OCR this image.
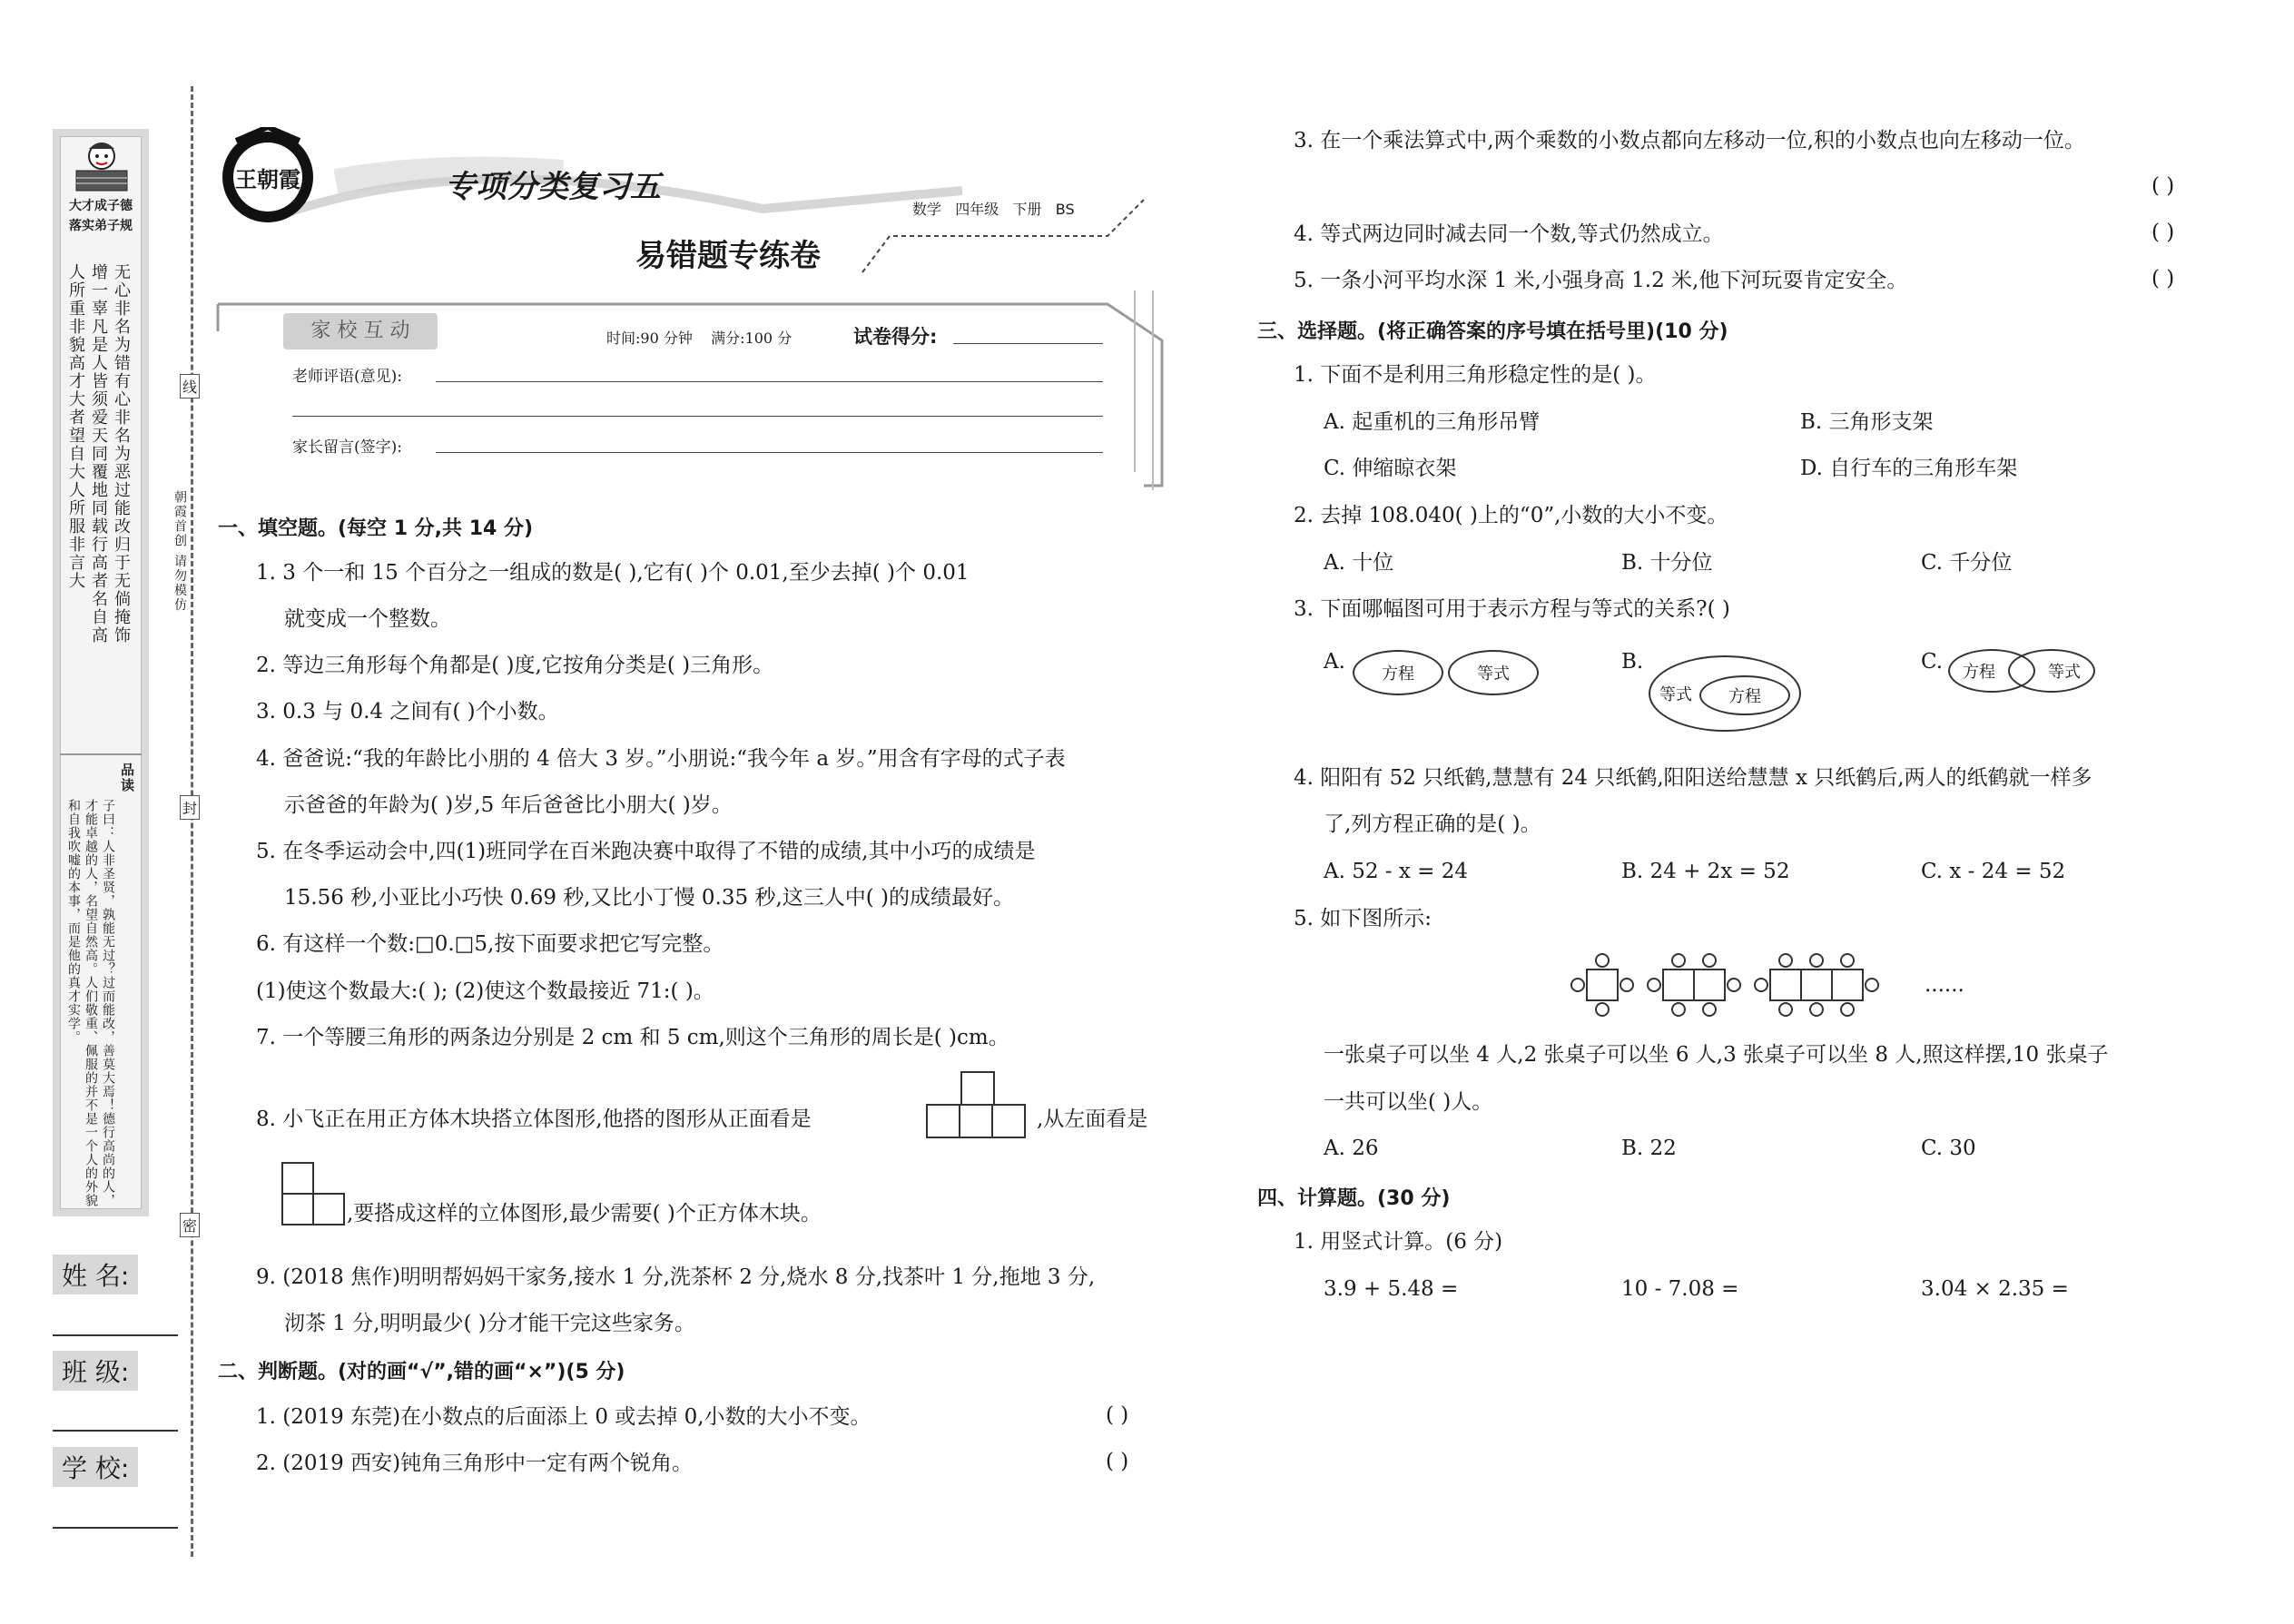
大才成子德
落实弟子规
无心非名为错有心非名为恶过能改归于无倘掩饰
增一辜凡是人皆须爱天同覆地同载行高者名自高
人所重非貌高才大者望自大人所服非言大
品读
子曰：人非圣贤，孰能无过？过而能改，善莫大焉！德行高尚的人，才能卓越的人，名望自然高。人们敬重、佩服的并不是一个人的外貌和自我吹嘘的本事，而是他的真才实学。
姓 名:
班 级:
学 校:
线
封
密
朝霞首创 请勿模仿
王朝霞	专项分类复习五
数学   四年级   下册   BS
易错题专练卷
家 校 互 动	时间:90 分钟    满分:100 分	试卷得分:
老师评语(意见):
家长留言(签字):
一、填空题。(每空 1 分,共 14 分)
1. 3 个一和 15 个百分之一组成的数是( ),它有( )个 0.01,至少去掉( )个 0.01
就变成一个整数。
2. 等边三角形每个角都是( )度,它按角分类是( )三角形。
3. 0.3 与 0.4 之间有( )个小数。
4. 爸爸说:“我的年龄比小朋的 4 倍大 3 岁。”小朋说:“我今年 a 岁。”用含有字母的式子表
示爸爸的年龄为( )岁,5 年后爸爸比小朋大( )岁。
5. 在冬季运动会中,四(1)班同学在百米跑决赛中取得了不错的成绩,其中小巧的成绩是
15.56 秒,小亚比小巧快 0.69 秒,又比小丁慢 0.35 秒,这三人中( )的成绩最好。
6. 有这样一个数:□0.□5,按下面要求把它写完整。
(1)使这个数最大:( ); (2)使这个数最接近 71:( )。
7. 一个等腰三角形的两条边分别是 2 cm 和 5 cm,则这个三角形的周长是( )cm。
8. 小飞正在用正方体木块搭立体图形,他搭的图形从正面看是	,从左面看是
,要搭成这样的立体图形,最少需要( )个正方体木块。
9. (2018 焦作)明明帮妈妈干家务,接水 1 分,洗茶杯 2 分,烧水 8 分,找茶叶 1 分,拖地 3 分,
沏茶 1 分,明明最少( )分才能干完这些家务。
二、判断题。(对的画“√”,错的画“×”)(5 分)
1. (2019 东莞)在小数点的后面添上 0 或去掉 0,小数的大小不变。	( )
2. (2019 西安)钝角三角形中一定有两个锐角。	( )
3. 在一个乘法算式中,两个乘数的小数点都向左移动一位,积的小数点也向左移动一位。
( )
4. 等式两边同时减去同一个数,等式仍然成立。	( )
5. 一条小河平均水深 1 米,小强身高 1.2 米,他下河玩耍肯定安全。	( )
三、选择题。(将正确答案的序号填在括号里)(10 分)
1. 下面不是利用三角形稳定性的是( )。
A. 起重机的三角形吊臂	B. 三角形支架
C. 伸缩晾衣架	D. 自行车的三角形车架
2. 去掉 108.040( )上的“0”,小数的大小不变。
A. 十位	B. 十分位	C. 千分位
3. 下面哪幅图可用于表示方程与等式的关系?( )
A.
方程	等式
B.
等式 方程
C. 方程	等式
4. 阳阳有 52 只纸鹤,慧慧有 24 只纸鹤,阳阳送给慧慧 x 只纸鹤后,两人的纸鹤就一样多
了,列方程正确的是( )。
A. 52 - x = 24	B. 24 + 2x = 52	C. x - 24 = 52
5. 如下图所示:
......
一张桌子可以坐 4 人,2 张桌子可以坐 6 人,3 张桌子可以坐 8 人,照这样摆,10 张桌子
一共可以坐( )人。
A. 26	B. 22	C. 30
四、计算题。(30 分)
1. 用竖式计算。(6 分)
3.9 + 5.48 =	10 - 7.08 =	3.04 × 2.35 =
